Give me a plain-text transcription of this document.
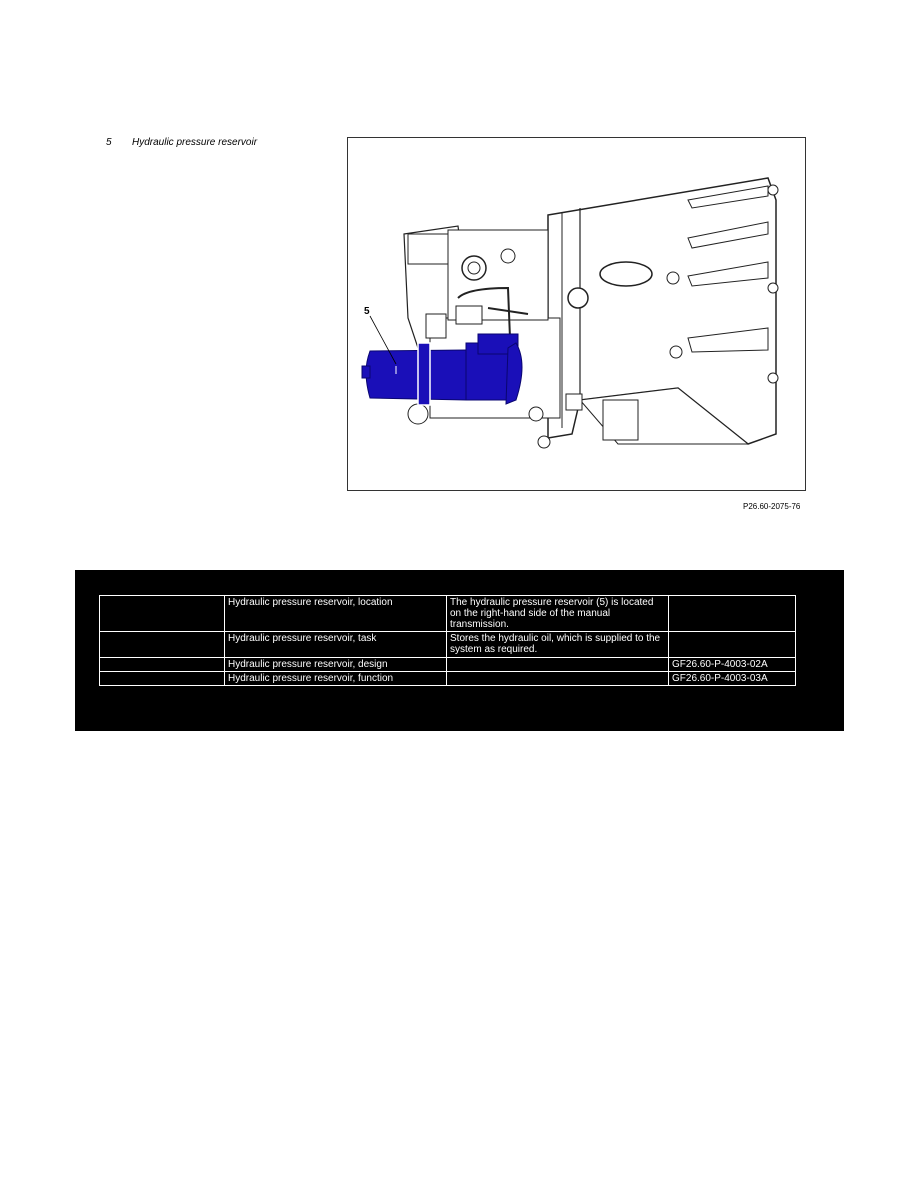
5 Hydraulic pressure reservoir
5
P26.60-2075-76
	Hydraulic pressure reservoir, location	The hydraulic pressure reservoir (5) is located on the right-hand side of the manual transmission.	
	Hydraulic pressure reservoir, task	Stores the hydraulic oil, which is supplied to the system as required.	
	Hydraulic pressure reservoir, design		GF26.60-P-4003-02A
	Hydraulic pressure reservoir, function		GF26.60-P-4003-03A
